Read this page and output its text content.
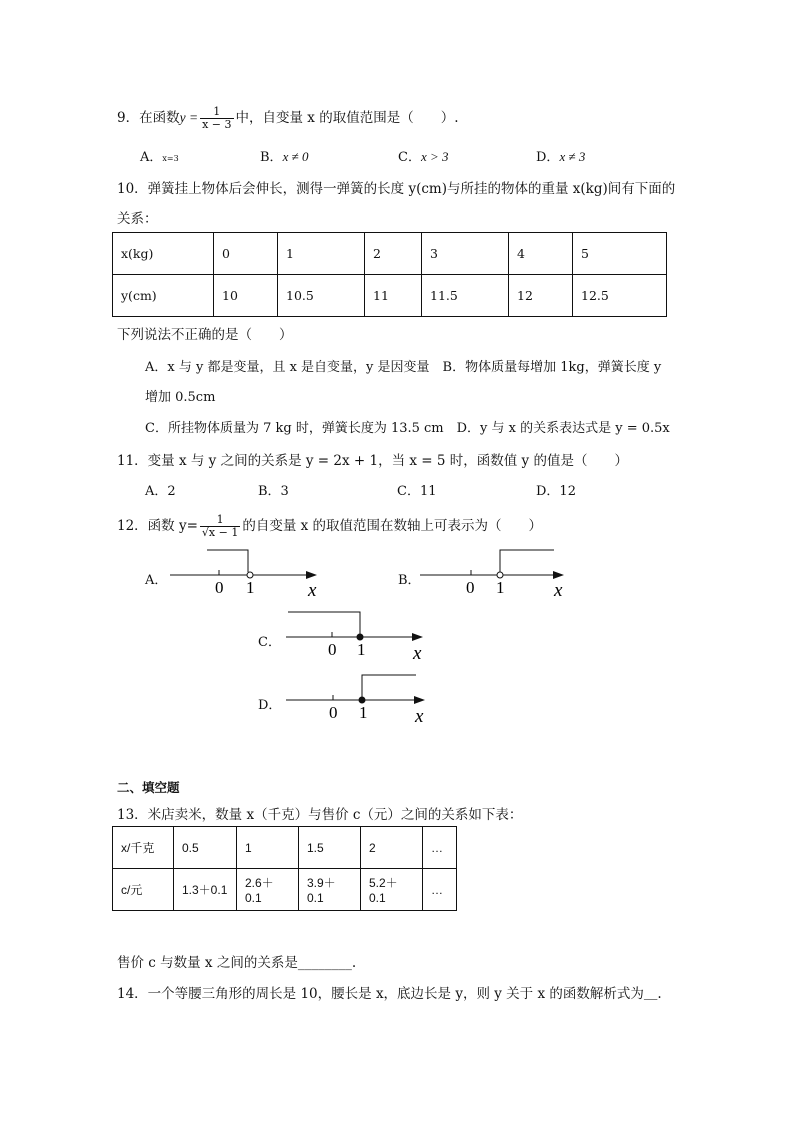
9．在函数$y = \frac{1}{x - 3}$ 中，自变量 x 的取值范围是（　　）.
A．x=3	B．x ≠ 0	C．x > 3	D．x ≠ 3
10．弹簧挂上物体后会伸长，测得一弹簧的长度 y(cm)与所挂的物体的重量 x(kg)间有下面的
关系：
x(kg)	0	1	2	3	4	5
y(cm)	10	10.5	11	11.5	12	12.5
下列说法不正确的是（　　）
A．x 与 y 都是变量，且 x 是自变量，y 是因变量　B．物体质量每增加 1kg，弹簧长度 y
增加 0.5cm
C．所挂物体质量为 7 kg 时，弹簧长度为 13.5 cm　D．y 与 x 的关系表达式是 y = 0.5x
11．变量 x 与 y 之间的关系是 y = 2x + 1，当 x = 5 时，函数值 y 的值是（　　）
A．2	B．3	C．11	D．12
12．函数 $y= \frac{1}{√x - 1}$ 的自变量 x 的取值范围在数轴上可表示为（　　）
A．	0 1	x	B．	0 1	x
C．	0 1	x
D．	0 1	x
二、填空题
13．米店卖米，数量 x（千克）与售价 c（元）之间的关系如下表：
x/千克	0.5	1	1.5	2	…
c/元	1.3＋0.1	2.6＋0.1	3.9＋0.1	5.2＋0.1	…
售价 c 与数量 x 之间的关系是________.
14．一个等腰三角形的周长是 10，腰长是 x，底边长是 y，则 y 关于 x 的函数解析式为＿.
